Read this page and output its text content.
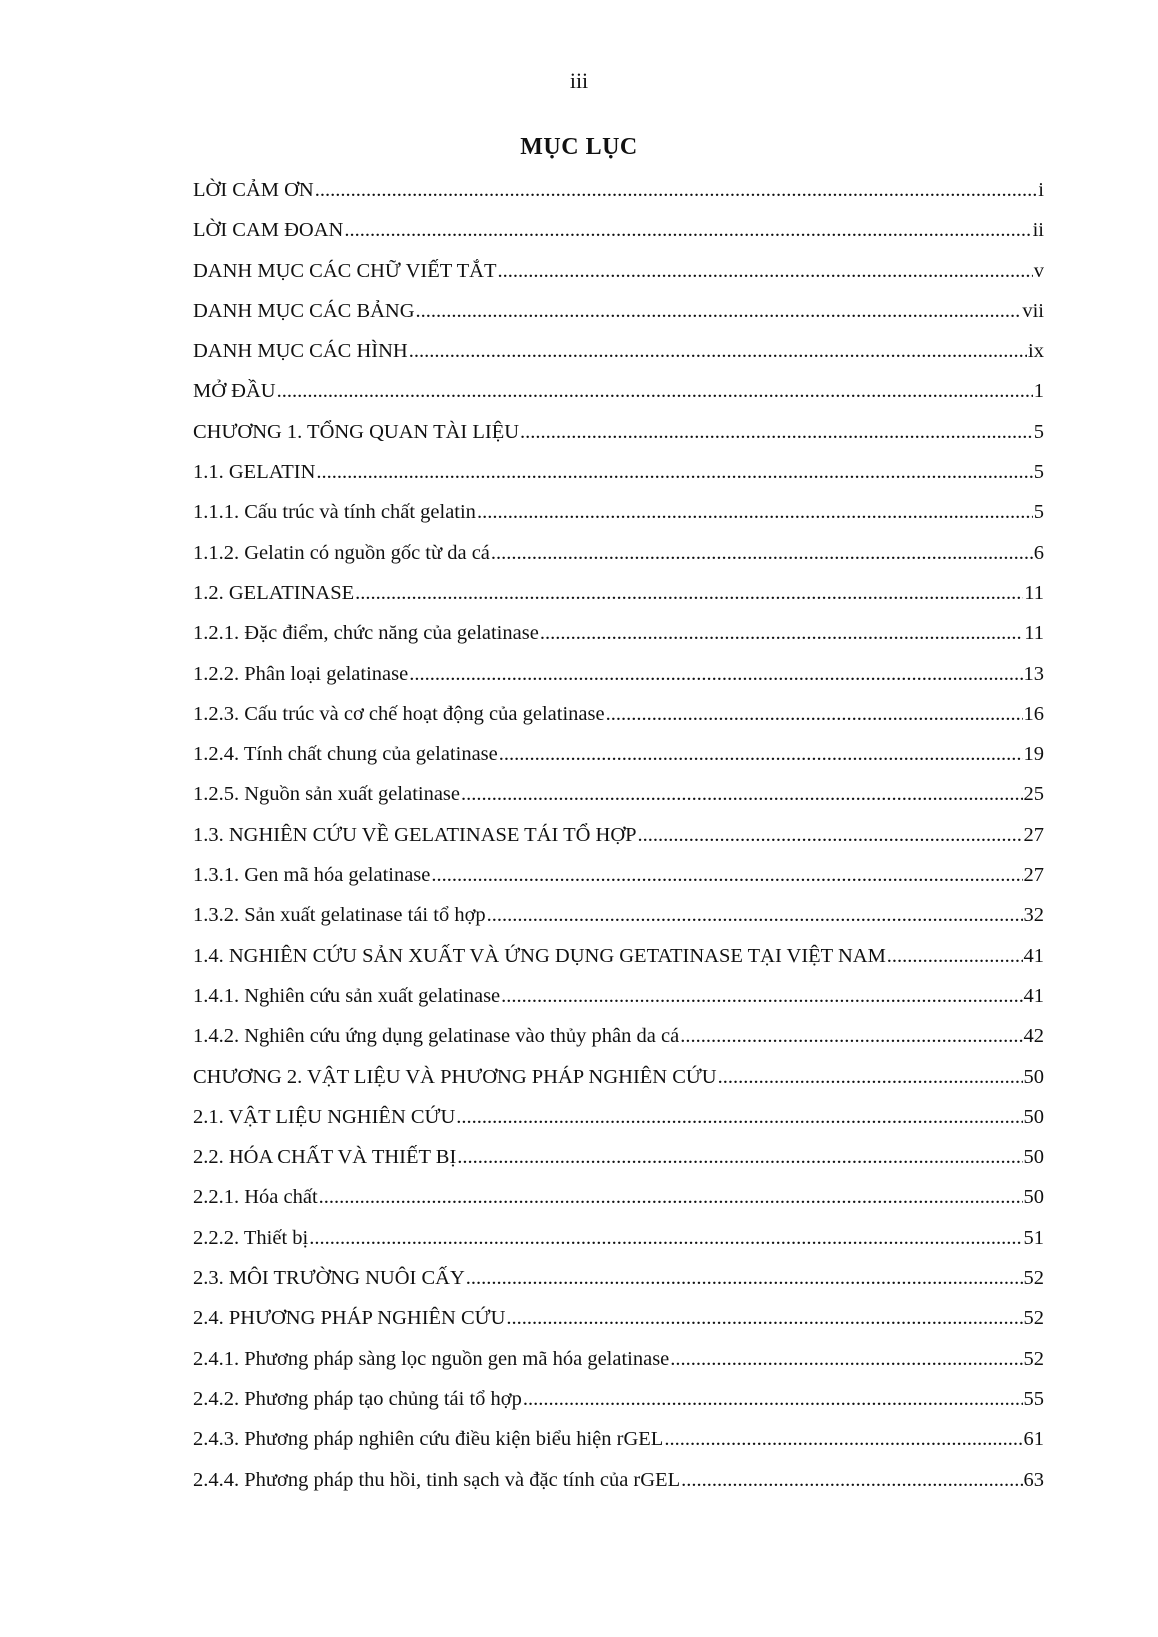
iii
MỤC LỤC
LỜI CẢM ƠN .....	i
LỜI CAM ĐOAN .....	ii
DANH MỤC CÁC CHỮ VIẾT TẮT .....	v
DANH MỤC CÁC BẢNG .....	vii
DANH MỤC CÁC HÌNH .....	ix
MỞ ĐẦU .....	1
CHƯƠNG 1. TỔNG QUAN TÀI LIỆU .....	5
1.1. GELATIN .....	5
1.1.1. Cấu trúc và tính chất gelatin .....	5
1.1.2. Gelatin có nguồn gốc từ da cá .....	6
1.2. GELATINASE .....	11
1.2.1. Đặc điểm, chức năng của gelatinase .....	11
1.2.2. Phân loại gelatinase .....	13
1.2.3. Cấu trúc và cơ chế hoạt động của gelatinase .....	16
1.2.4. Tính chất chung của gelatinase .....	19
1.2.5. Nguồn sản xuất gelatinase .....	25
1.3. NGHIÊN CỨU VỀ GELATINASE TÁI TỔ HỢP .....	27
1.3.1. Gen mã hóa gelatinase .....	27
1.3.2. Sản xuất gelatinase tái tổ hợp .....	32
1.4. NGHIÊN CỨU SẢN XUẤT VÀ ỨNG DỤNG GETATINASE TẠI VIỆT NAM .....	41
1.4.1. Nghiên cứu sản xuất gelatinase .....	41
1.4.2. Nghiên cứu ứng dụng gelatinase vào thủy phân da cá .....	42
CHƯƠNG 2. VẬT LIỆU VÀ PHƯƠNG PHÁP NGHIÊN CỨU .....	50
2.1. VẬT LIỆU NGHIÊN CỨU .....	50
2.2. HÓA CHẤT VÀ THIẾT BỊ .....	50
2.2.1. Hóa chất .....	50
2.2.2. Thiết bị .....	51
2.3. MÔI TRƯỜNG NUÔI CẤY .....	52
2.4. PHƯƠNG PHÁP NGHIÊN CỨU .....	52
2.4.1. Phương pháp sàng lọc nguồn gen mã hóa gelatinase .....	52
2.4.2. Phương pháp tạo chủng tái tổ hợp .....	55
2.4.3. Phương pháp nghiên cứu điều kiện biểu hiện rGEL .....	61
2.4.4. Phương pháp thu hồi, tinh sạch và đặc tính của rGEL .....	63
